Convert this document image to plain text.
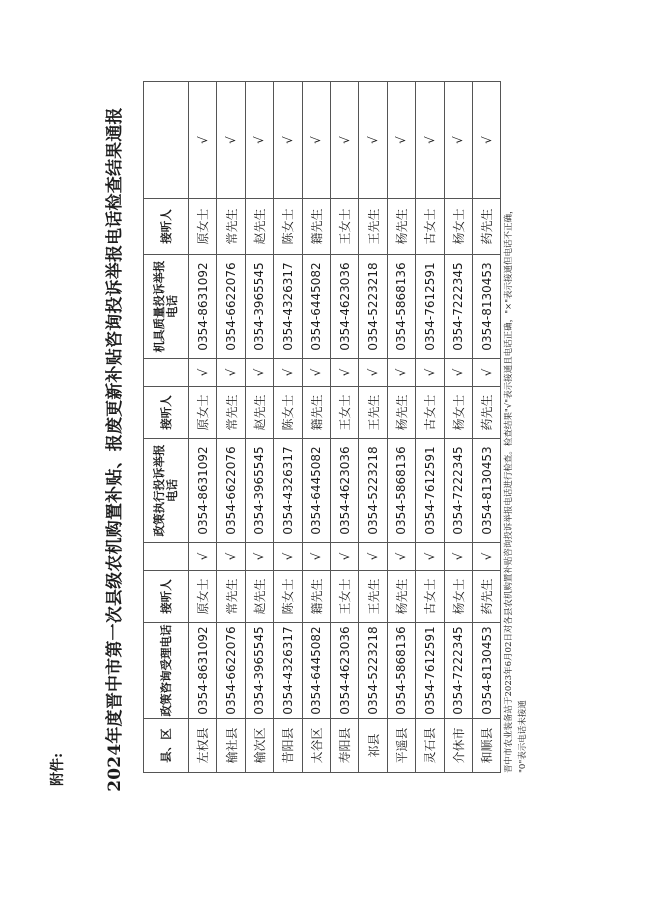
附件: 2024年度晋中市第一次县级农机购置补贴、报废更新补贴咨询投诉举报电话检查结果通报	县、区	政策咨询受理电话	接听人		政策执行投诉举报电话	接听人		机具质量投诉举报电话	接听人	
左权县	0354-8631092	原女士	√	0354-8631092	原女士	√	0354-8631092	原女士	√
榆社县	0354-6622076	常先生	√	0354-6622076	常先生	√	0354-6622076	常先生	√
榆次区	0354-3965545	赵先生	√	0354-3965545	赵先生	√	0354-3965545	赵先生	√
昔阳县	0354-4326317	陈女士	√	0354-4326317	陈女士	√	0354-4326317	陈女士	√
太谷区	0354-6445082	籍先生	√	0354-6445082	籍先生	√	0354-6445082	籍先生	√
寿阳县	0354-4623036	王女士	√	0354-4623036	王女士	√	0354-4623036	王女士	√
祁县	0354-5223218	王先生	√	0354-5223218	王先生	√	0354-5223218	王先生	√
平遥县	0354-5868136	杨先生	√	0354-5868136	杨先生	√	0354-5868136	杨先生	√
灵石县	0354-7612591	古女士	√	0354-7612591	古女士	√	0354-7612591	古女士	√
介休市	0354-7222345	杨女士	√	0354-7222345	杨女士	√	0354-7222345	杨女士	√
和顺县	0354-8130453	药先生	√	0354-8130453	药先生	√	0354-8130453	药先生	√
晋中市农业装备站于2023年6月02日对各县农机购置补贴咨询投诉举报电话进行检查。检查结果"√"表示接通且电话正确，"×"表示接通但电话不正确， "0"表示电话未接通
